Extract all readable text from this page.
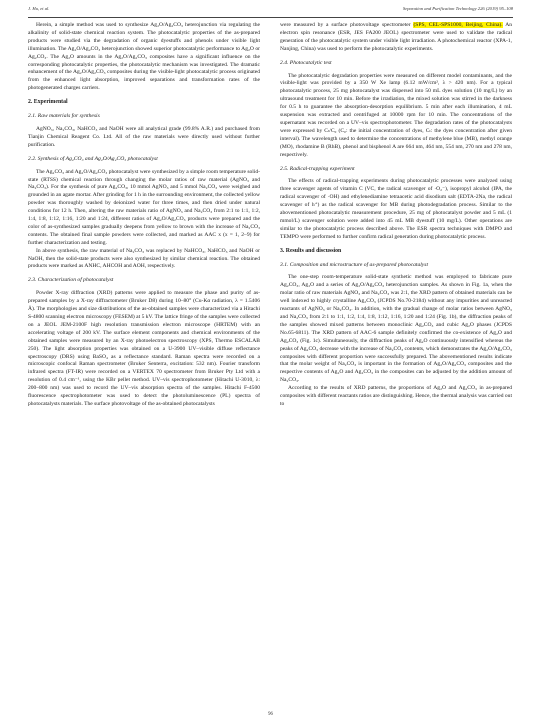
J. Hu, et al.	Separation and Purification Technology 226 (2019) 95–108

Herein, a simple method was used to synthesize Ag₂O/Ag₂CO₃ heterojunction via regulating the alkalinity of solid-state chemical reaction system. The photocatalytic properties of the as-prepared products were studied via the degradation of organic dyestuffs and phenols under visible light illumination. The Ag₂O/Ag₂CO₃ heterojunction showed superior photocatalytic performance to Ag₂O or Ag₂CO₃. The Ag₂O amounts in the Ag₂O/Ag₂CO₃ composites have a significant influence on the corresponding photocatalytic properties, the photocatalytic mechanism was investigated. The dramatic enhancement of the Ag₂O/Ag₂CO₃ composites during the visible-light photocatalytic process originated from the enhanced light absorption, improved separations and transformation rates of the photogenerated charges carriers.

2. Experimental
2.1. Raw materials for synthesis

AgNO₃, Na₂CO₃, NaHCO₃ and NaOH were all analytical grade (99.8% A.R.) and purchased from Tianjin Chemical Reagent Co. Ltd. All of the raw materials were directly used without further purification.

2.2. Synthesis of Ag₂CO₃ and Ag₂O/Ag₂CO₃ photocatalyst

The Ag₂CO₃ and Ag₂O/Ag₂CO₃ photocatalyst were synthesized by a simple room temperature solid-state (RTSS) chemical reaction through changing the molar ratios of raw material (AgNO₃ and Na₂CO₃). For the synthesis of pure Ag₂CO₃, 10 mmol AgNO₃ and 5 mmol Na₂CO₃ were weighed and grounded in an agate mortar. After grinding for 1 h in the surrounding environment, the collected yellow powder was thoroughly washed by deionized water for three times, and then dried under natural conditions for 12 h. Then, altering the raw materials ratio of AgNO₃ and Na₂CO₃ from 2:1 to 1:1, 1:2, 1:4, 1:8, 1:12, 1:16, 1:20 and 1:24, different ratios of Ag₂O/Ag₂CO₃ products were prepared and the color of as-synthesized samples gradually deepens from yellow to brown with the increase of Na₂CO₃ contents. The obtained final sample powders were collected, and marked as AAC x (x = 1, 2–9) for further characterization and testing.

In above synthesis, the raw material of Na₂CO₃ was replaced by NaHCO₃, NaHCO₃ and NaOH or NaOH, then the solid-state products were also synthesized by similar chemical reaction. The obtained products were marked as ANHC, AHCOH and AOH, respectively.

2.3. Characterization of photocatalyst

Powder X-ray diffraction (XRD) patterns were applied to measure the phase and purity of as-prepared samples by a X-ray diffractometer (Bruker D8) during 10–80° (Cu-Kα radiation, λ = 1.5406 Å). The morphologies and size distributions of the as-obtained samples were characterized via a Hitachi S-4800 scanning electron microscopy (FESEM) at 5 kV. The lattice fringe of the samples were collected on a JEOL JEM-2100F high resolution transmission electron microscope (HRTEM) with an accelerating voltage of 200 kV. The surface element components and chemical environments of the obtained samples were measured by an X-ray photoelectron spectroscopy (XPS, Thermo ESCALAB 250). The light absorption properties was obtained on a U-3900 UV–visible diffuse reflectance spectroscopy (DRS) using BaSO₄ as a reflectance standard. Raman spectra were recorded on a microscopic confocal Raman spectrometer (Bruker Senterra, excitation: 532 nm). Fourier transform infrared spectra (FT-IR) were recorded on a VERTEX 70 spectrometer from Bruker Pty Ltd with a resolution of 0.4 cm⁻¹, using the KBr pellet method. UV–vis spectrophotometer (Hitachi U-3010, λ: 200–800 nm) was used to record the UV–vis absorption spectra of the samples. Hitachi F-4500 fluorescence spectrophotometer was used to detect the photoluminescence (PL) spectra of photocatalysts materials. The surface photovoltage of the as-obtained photocatalysts

were measured by a surface photovoltage spectrometer (SPS, CEL-SPS1000, Beijing, China). An electron spin resonance (ESR, JES FA200 JEOL) spectrometer were used to validate the radical generation of the photocatalytic system under visible light irradiation. A photochemical reactor (XPA-1, Nanjing, China) was used to perform the photocatalytic experiments.

2.4. Photocatalytic test

The photocatalytic degradation properties were measured on different model contaminants, and the visible-light was provided by a 350 W Xe lamp (6.12 mW/cm², λ > 420 nm). For a typical photocatalytic process, 25 mg photocatalyst was dispersed into 50 mL dyes solution (10 mg/L) by an ultrasound treatment for 10 min. Before the irradiation, the mixed solution was stirred in the darkness for 0.5 h to guarantee the absorption-desorption equilibrium. 5 min after each illumination, 4 mL suspension was extracted and centrifuged at 10000 rpm for 10 min. The concentrations of the supernatant was recorded on a UV–vis spectrophotometer. The degradation rates of the photocatalysts were expressed by Cₜ/C₀ (C₀: the initial concentration of dyes, Cₜ: the dyes concentration after given interval). The wavelength used to determine the concentrations of methylene blue (MB), methyl orange (MO), rhodamine B (RhB), phenol and bisphenol A are 664 nm, 464 nm, 554 nm, 270 nm and 278 nm, respectively.

2.5. Radical-trapping experiment

The effects of radical-trapping experiments during photocatalytic processes were analyzed using three scavenger agents of vitamin C (VC, the radical scavenger of ·O₂⁻), isopropyl alcohol (IPA, the radical scavenger of ·OH) and ethylenediamine tetraacetic acid disodium salt (EDTA-2Na, the radical scavenger of h⁺) as the radical scavenger for MB during photodegradation process. Similar to the abovementioned photocatalytic measurement procedure, 25 mg of photocatalyst powder and 5 mL (1 mmol/L) scavenger solution were added into 45 mL MB dyestuff (10 mg/L). Other operations are similar to the photocatalytic process described above. The ESR spectra techniques with DMPO and TEMPO were performed to further confirm radical generation during photocatalytic process.

3. Results and discussion
3.1. Composition and microstructure of as-prepared photocatalyst

The one-step room-temperature solid-state synthetic method was employed to fabricate pure Ag₂CO₃, Ag₂O and a series of Ag₂O/Ag₂CO₃ heterojunction samples. As shown in Fig. 1a, when the molar ratio of raw materials AgNO₃ and Na₂CO₃ was 2:1, the XRD pattern of obtained materials can be well indexed to highly crystalline Ag₂CO₃ (JCPDS No.70-2184) without any impurities and unreacted reactants of AgNO₃ or Na₂CO₃. In addition, with the gradual change of molar ratios between AgNO₃ and Na₂CO₃ from 2:1 to 1:1, 1:2, 1:4, 1:8, 1:12, 1:16, 1:20 and 1:24 (Fig. 1b), the diffraction peaks of the samples showed mixed patterns between monoclinic Ag₂CO₃ and cubic Ag₂O phases (JCPDS No.65-6811). The XRD pattern of AAC-6 sample definitely confirmed the co-existence of Ag₂O and Ag₂CO₃ (Fig. 1c). Simultaneously, the diffraction peaks of Ag₂O continuously intensified whereas the peaks of Ag₂CO₃ decrease with the increase of Na₂CO₃ contents, which demonstrates the Ag₂O/Ag₂CO₃ composites with different proportion were successfully prepared. The abovementioned results indicate that the molar weight of Na₂CO₃ is important in the formation of Ag₂O/Ag₂CO₃ composites and the respective contents of Ag₂O and Ag₂CO₃ in the composites can be adjusted by the addition amount of Na₂CO₃.

According to the results of XRD patterns, the proportions of Ag₂O and Ag₂CO₃ in as-prepared composites with different reactants ratios are distinguishing. Hence, the thermal analysis was carried out to

96
